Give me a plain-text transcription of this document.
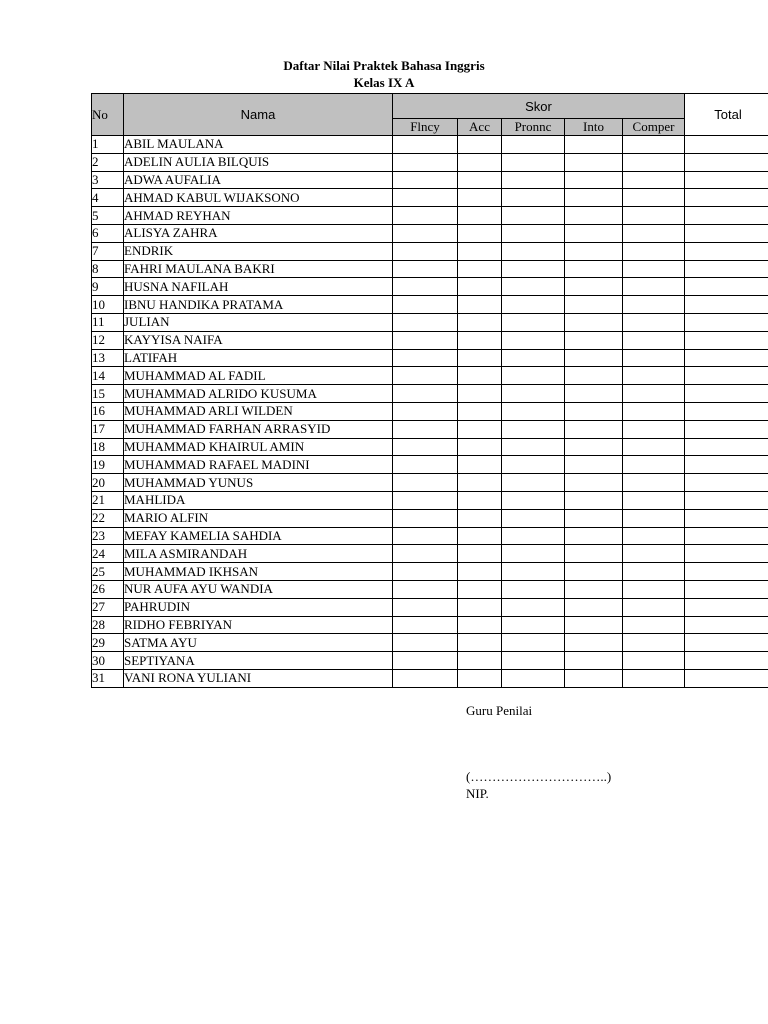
Daftar Nilai Praktek Bahasa Inggris
Kelas IX A
No	Nama	Skor					Total
		Flncy	Acc	Pronnc	Into	Comper	
1	ABIL MAULANA						
2	ADELIN AULIA BILQUIS						
3	ADWA AUFALIA						
4	AHMAD KABUL WIJAKSONO						
5	AHMAD REYHAN						
6	ALISYA ZAHRA						
7	ENDRIK						
8	FAHRI MAULANA BAKRI						
9	HUSNA NAFILAH						
10	IBNU HANDIKA PRATAMA						
11	JULIAN						
12	KAYYISA NAIFA						
13	LATIFAH						
14	MUHAMMAD AL FADIL						
15	MUHAMMAD ALRIDO KUSUMA						
16	MUHAMMAD ARLI WILDEN						
17	MUHAMMAD FARHAN ARRASYID						
18	MUHAMMAD KHAIRUL AMIN						
19	MUHAMMAD RAFAEL MADINI						
20	MUHAMMAD YUNUS						
21	MAHLIDA						
22	MARIO ALFIN						
23	MEFAY KAMELIA SAHDIA						
24	MILA ASMIRANDAH						
25	MUHAMMAD IKHSAN						
26	NUR AUFA AYU WANDIA						
27	PAHRUDIN						
28	RIDHO FEBRIYAN						
29	SATMA AYU						
30	SEPTIYANA						
31	VANI RONA YULIANI						
Guru Penilai
(…………………………..)
NIP.
